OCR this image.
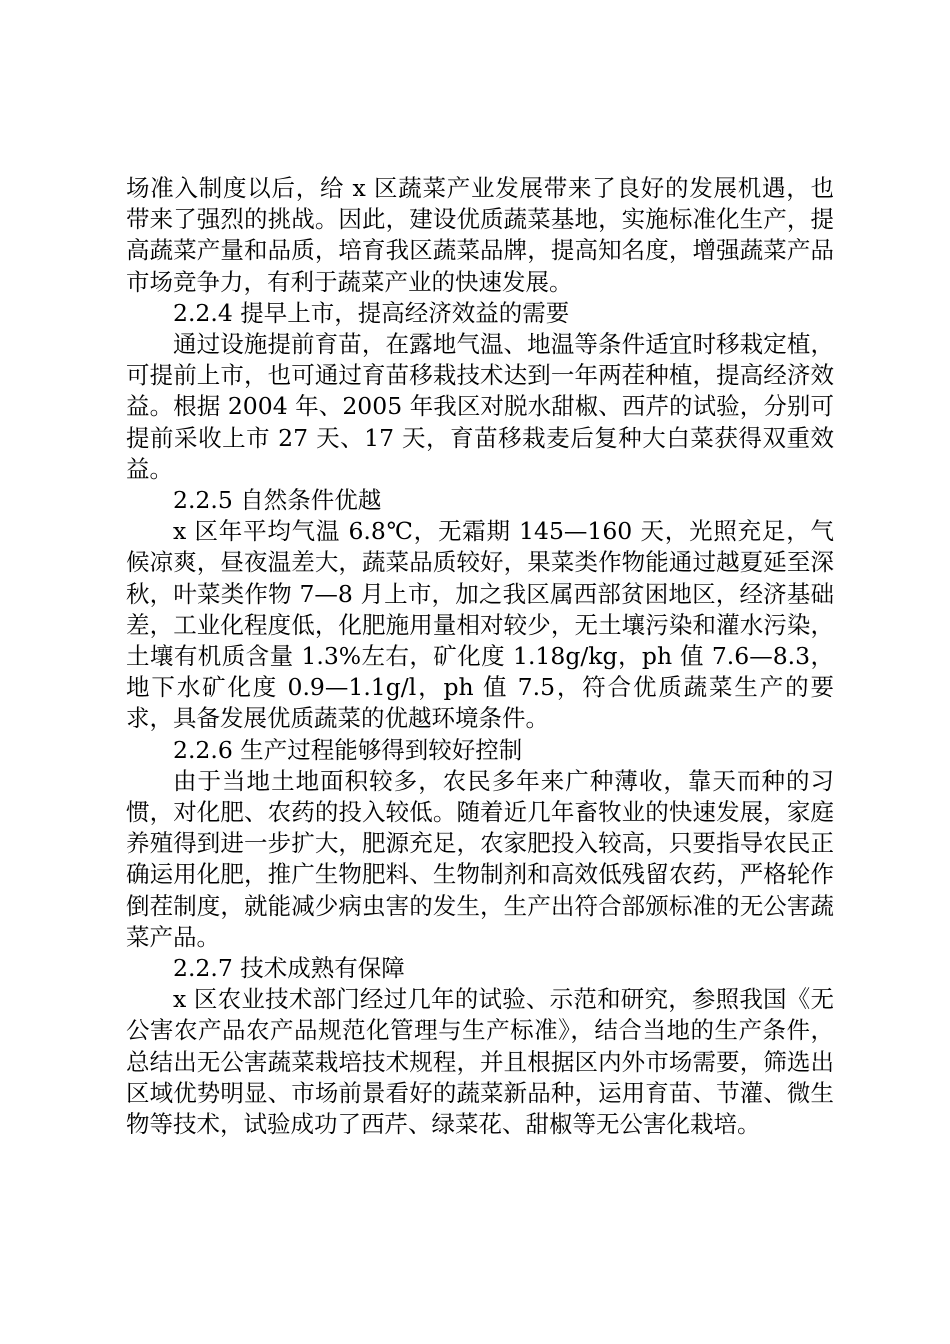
场准入制度以后，给 x 区蔬菜产业发展带来了良好的发展机遇，也带来了强烈的挑战。因此，建设优质蔬菜基地，实施标准化生产，提高蔬菜产量和品质，培育我区蔬菜品牌，提高知名度，增强蔬菜产品市场竞争力，有利于蔬菜产业的快速发展。

2.2.4 提早上市，提高经济效益的需要

通过设施提前育苗，在露地气温、地温等条件适宜时移栽定植，可提前上市，也可通过育苗移栽技术达到一年两茬种植，提高经济效益。根据 2004 年、2005 年我区对脱水甜椒、西芹的试验，分别可提前采收上市 27 天、17 天，育苗移栽麦后复种大白菜获得双重效益。

2.2.5 自然条件优越

x 区年平均气温 6.8℃，无霜期 145—160 天，光照充足，气候凉爽，昼夜温差大，蔬菜品质较好，果菜类作物能通过越夏延至深秋，叶菜类作物 7—8 月上市，加之我区属西部贫困地区，经济基础差，工业化程度低，化肥施用量相对较少，无土壤污染和灌水污染，土壤有机质含量 1.3%左右，矿化度 1.18g/kg，ph 值 7.6—8.3，地下水矿化度 0.9—1.1g/l，ph 值 7.5，符合优质蔬菜生产的要求，具备发展优质蔬菜的优越环境条件。

2.2.6 生产过程能够得到较好控制

由于当地土地面积较多，农民多年来广种薄收，靠天而种的习惯，对化肥、农药的投入较低。随着近几年畜牧业的快速发展，家庭养殖得到进一步扩大，肥源充足，农家肥投入较高，只要指导农民正确运用化肥，推广生物肥料、生物制剂和高效低残留农药，严格轮作倒茬制度，就能减少病虫害的发生，生产出符合部颁标准的无公害蔬菜产品。

2.2.7 技术成熟有保障

x 区农业技术部门经过几年的试验、示范和研究，参照我国《无公害农产品农产品规范化管理与生产标准》，结合当地的生产条件，总结出无公害蔬菜栽培技术规程，并且根据区内外市场需要，筛选出区域优势明显、市场前景看好的蔬菜新品种，运用育苗、节灌、微生物等技术，试验成功了西芹、绿菜花、甜椒等无公害化栽培。
